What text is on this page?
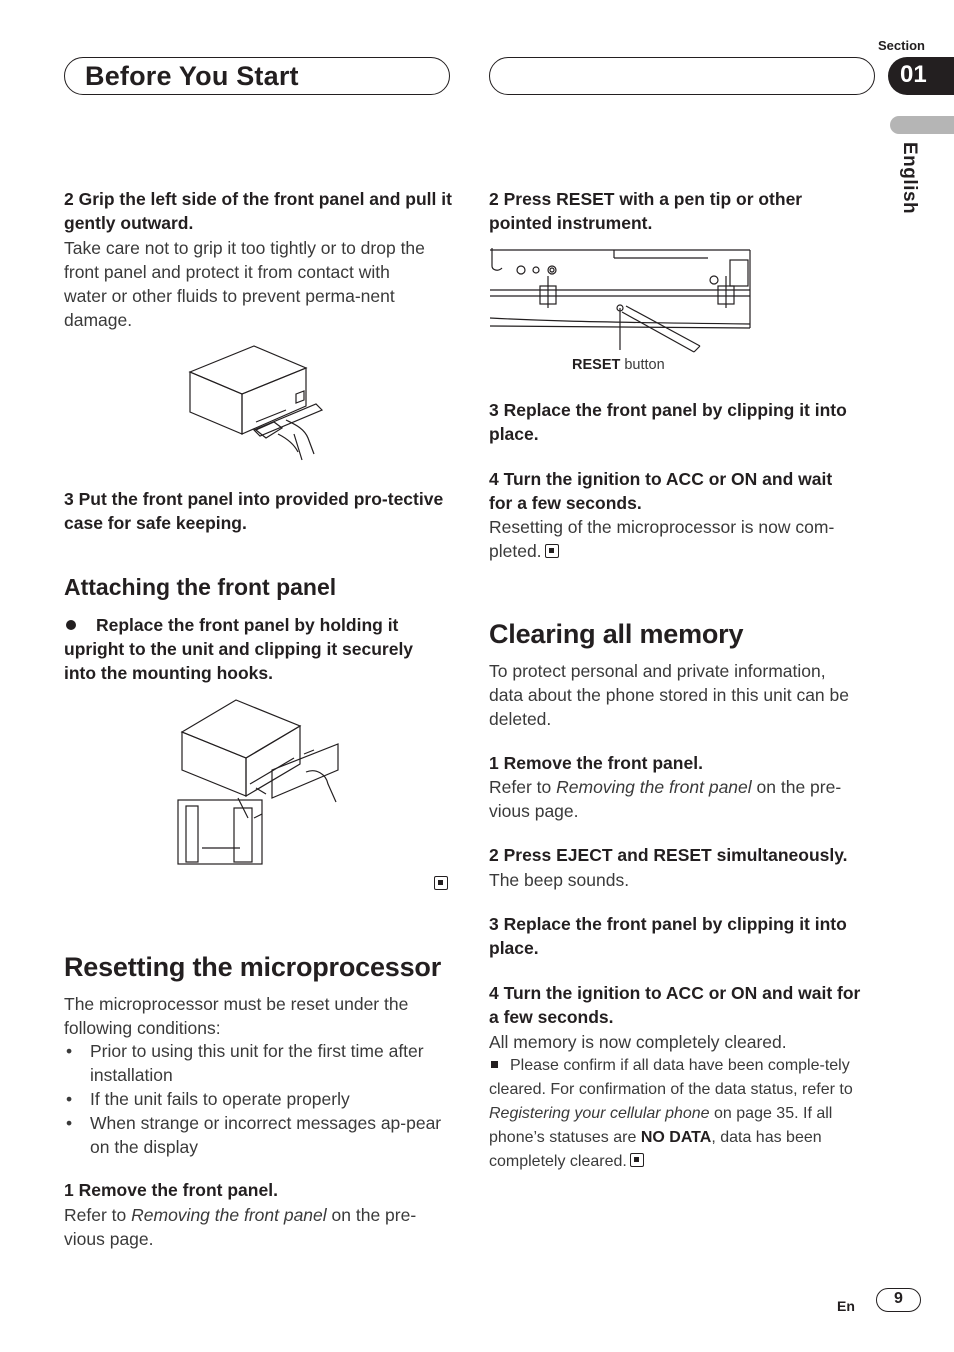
Before You Start
Section
01
English
2 Grip the left side of the front panel and pull it gently outward.
Take care not to grip it too tightly or to drop the front panel and protect it from contact with water or other fluids to prevent perma-nent damage.
3 Put the front panel into provided pro-tective case for safe keeping.
Attaching the front panel
Replace the front panel by holding it upright to the unit and clipping it securely into the mounting hooks.
Resetting the microprocessor
The microprocessor must be reset under the following conditions:
• Prior to using this unit for the first time after installation
• If the unit fails to operate properly
• When strange or incorrect messages ap-pear on the display
1 Remove the front panel.
Refer to Removing the front panel on the pre-vious page.
2 Press RESET with a pen tip or other pointed instrument.
RESET button
3 Replace the front panel by clipping it into place.
4 Turn the ignition to ACC or ON and wait for a few seconds.
Resetting of the microprocessor is now com-pleted.
Clearing all memory
To protect personal and private information, data about the phone stored in this unit can be deleted.
1 Remove the front panel.
Refer to Removing the front panel on the pre-vious page.
2 Press EJECT and RESET simultaneously.
The beep sounds.
3 Replace the front panel by clipping it into place.
4 Turn the ignition to ACC or ON and wait for a few seconds.
All memory is now completely cleared.
Please confirm if all data have been comple-tely cleared. For confirmation of the data status, refer to Registering your cellular phone on page 35. If all phone’s statuses are NO DATA, data has been completely cleared.
En	9
